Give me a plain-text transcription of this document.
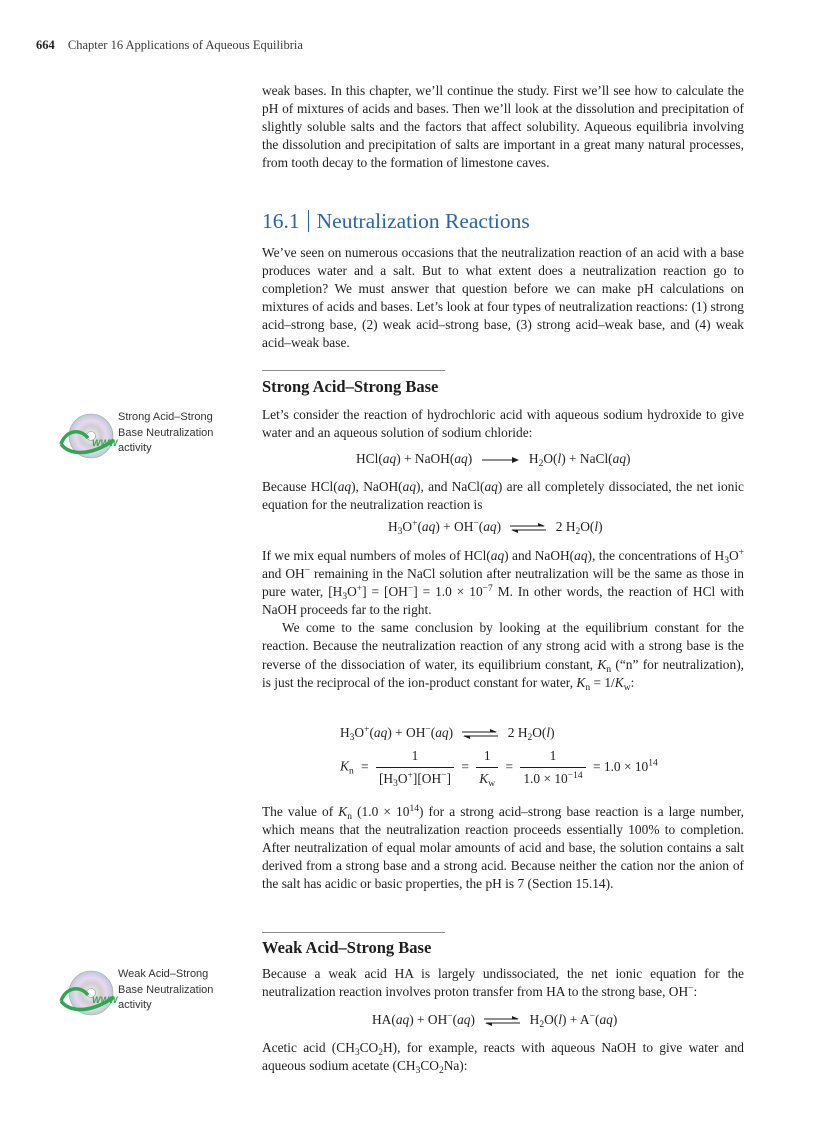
664 Chapter 16 Applications of Aqueous Equilibria

weak bases. In this chapter, we’ll continue the study. First we’ll see how to calculate the pH of mixtures of acids and bases. Then we’ll look at the dissolution and precipitation of slightly soluble salts and the factors that affect solubility. Aqueous equilibria involving the dissolution and precipitation of salts are important in a great many natural processes, from tooth decay to the formation of limestone caves.

16.1 Neutralization Reactions

We’ve seen on numerous occasions that the neutralization reaction of an acid with a base produces water and a salt. But to what extent does a neutralization reaction go to completion? We must answer that question before we can make pH calculations on mixtures of acids and bases. Let’s look at four types of neutralization reactions: (1) strong acid–strong base, (2) weak acid–strong base, (3) strong acid–weak base, and (4) weak acid–weak base.

Strong Acid–Strong Base
WWW
Strong Acid–Strong Base Neutralization activity

Let’s consider the reaction of hydrochloric acid with aqueous sodium hydroxide to give water and an aqueous solution of sodium chloride:

HCl(aq) + NaOH(aq)	$H_2O(l)$ + NaCl(aq)

Because HCl(aq), NaOH(aq), and NaCl(aq) are all completely dissociated, the net ionic equation for the neutralization reaction is

$H_3O^+(aq) + OH^-(aq)$ ⇌ 2 $H_2O(l)$

If we mix equal numbers of moles of HCl(aq) and NaOH(aq), the concentrations of $H_3O^+$ and OH− remaining in the NaCl solution after neutralization will be the same as those in pure water, $[H_3O^+] = [OH^-] = 1.0 \times 10^{-7}$ M. In other words, the reaction of HCl with NaOH proceeds far to the right.

We come to the same conclusion by looking at the equilibrium constant for the reaction. Because the neutralization reaction of any strong acid with a strong base is the reverse of the dissociation of water, its equilibrium constant, $K_n$ (“n” for neutralization), is just the reciprocal of the ion-product constant for water, $K_n = 1/K_w$:

$H_3O^+(aq) + OH^-(aq)$ ⇌ 2 $H_2O(l)$
$K_n = \frac{1}{[H_3O^+][OH^-]} = \frac{1}{K_w} = \frac{1}{1.0 \times 10^{-14}} = 1.0 \times 10^{14}$

The value of $K_n$ $(1.0 \times 10^{14})$ for a strong acid–strong base reaction is a large number, which means that the neutralization reaction proceeds essentially 100% to completion. After neutralization of equal molar amounts of acid and base, the solution contains a salt derived from a strong base and a strong acid. Because neither the cation nor the anion of the salt has acidic or basic properties, the pH is 7 (Section 15.14).

Weak Acid–Strong Base
WWW
Weak Acid–Strong Base Neutralization activity

Because a weak acid HA is largely undissociated, the net ionic equation for the neutralization reaction involves proton transfer from HA to the strong base, OH−:

HA(aq) + OH−(aq) ⇌ $H_2O(l) + A^-(aq)$

Acetic acid $(CH_3CO_2H)$, for example, reacts with aqueous NaOH to give water and aqueous sodium acetate $(CH_3CO_2Na)$:
